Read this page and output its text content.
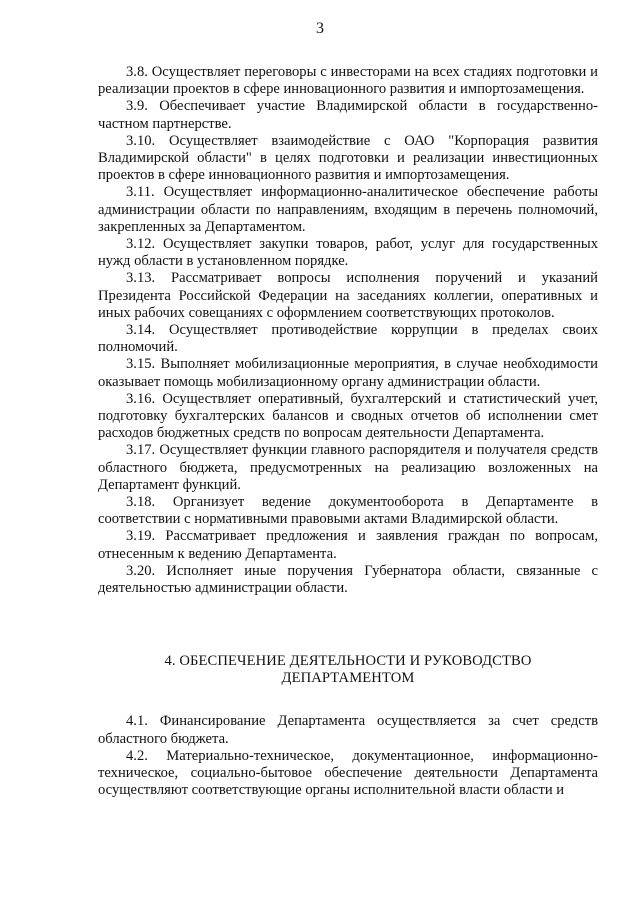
3

3.8. Осуществляет переговоры с инвесторами на всех стадиях подготовки и реализации проектов в сфере инновационного развития и импортозамещения.

3.9. Обеспечивает участие Владимирской области в государственно-частном партнерстве.

3.10. Осуществляет взаимодействие с ОАО "Корпорация развития Владимирской области" в целях подготовки и реализации инвестиционных проектов в сфере инновационного развития и импортозамещения.

3.11. Осуществляет информационно-аналитическое обеспечение работы администрации области по направлениям, входящим в перечень полномочий, закрепленных за Департаментом.

3.12. Осуществляет закупки товаров, работ, услуг для государственных нужд области в установленном порядке.

3.13. Рассматривает вопросы исполнения поручений и указаний Президента Российской Федерации на заседаниях коллегии, оперативных и иных рабочих совещаниях с оформлением соответствующих протоколов.

3.14. Осуществляет противодействие коррупции в пределах своих полномочий.

3.15. Выполняет мобилизационные мероприятия, в случае необходимости оказывает помощь мобилизационному органу администрации области.

3.16. Осуществляет оперативный, бухгалтерский и статистический учет, подготовку бухгалтерских балансов и сводных отчетов об исполнении смет расходов бюджетных средств по вопросам деятельности Департамента.

3.17. Осуществляет функции главного распорядителя и получателя средств областного бюджета, предусмотренных на реализацию возложенных на Департамент функций.

3.18. Организует ведение документооборота в Департаменте в соответствии с нормативными правовыми актами Владимирской области.

3.19. Рассматривает предложения и заявления граждан по вопросам, отнесенным к ведению Департамента.

3.20. Исполняет иные поручения Губернатора области, связанные с деятельностью администрации области.

4. ОБЕСПЕЧЕНИЕ ДЕЯТЕЛЬНОСТИ И РУКОВОДСТВО
ДЕПАРТАМЕНТОМ

4.1. Финансирование Департамента осуществляется за счет средств областного бюджета.

4.2. Материально-техническое, документационное, информационно-техническое, социально-бытовое обеспечение деятельности Департамента осуществляют соответствующие органы исполнительной власти области и
